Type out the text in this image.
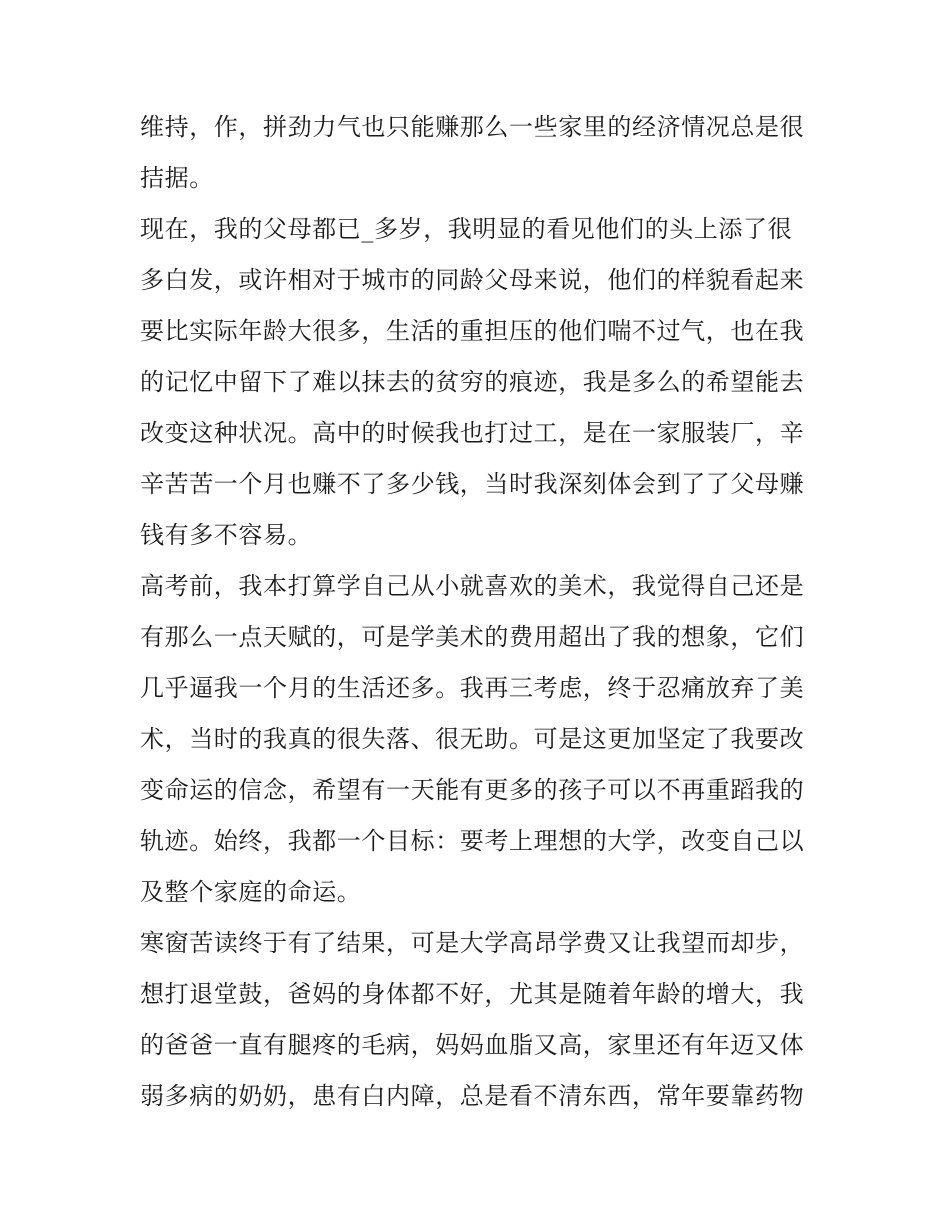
维持，作，拼劲力气也只能赚那么一些家里的经济情况总是很
拮据。
现在，我的父母都已_多岁，我明显的看见他们的头上添了很
多白发，或许相对于城市的同龄父母来说，他们的样貌看起来
要比实际年龄大很多，生活的重担压的他们喘不过气，也在我
的记忆中留下了难以抹去的贫穷的痕迹，我是多么的希望能去
改变这种状况。高中的时候我也打过工，是在一家服装厂，辛
辛苦苦一个月也赚不了多少钱，当时我深刻体会到了了父母赚
钱有多不容易。
高考前，我本打算学自己从小就喜欢的美术，我觉得自己还是
有那么一点天赋的，可是学美术的费用超出了我的想象，它们
几乎逼我一个月的生活还多。我再三考虑，终于忍痛放弃了美
术，当时的我真的很失落、很无助。可是这更加坚定了我要改
变命运的信念，希望有一天能有更多的孩子可以不再重蹈我的
轨迹。始终，我都一个目标：要考上理想的大学，改变自己以
及整个家庭的命运。
寒窗苦读终于有了结果，可是大学高昂学费又让我望而却步，
想打退堂鼓，爸妈的身体都不好，尤其是随着年龄的增大，我
的爸爸一直有腿疼的毛病，妈妈血脂又高，家里还有年迈又体
弱多病的奶奶，患有白内障，总是看不清东西，常年要靠药物
